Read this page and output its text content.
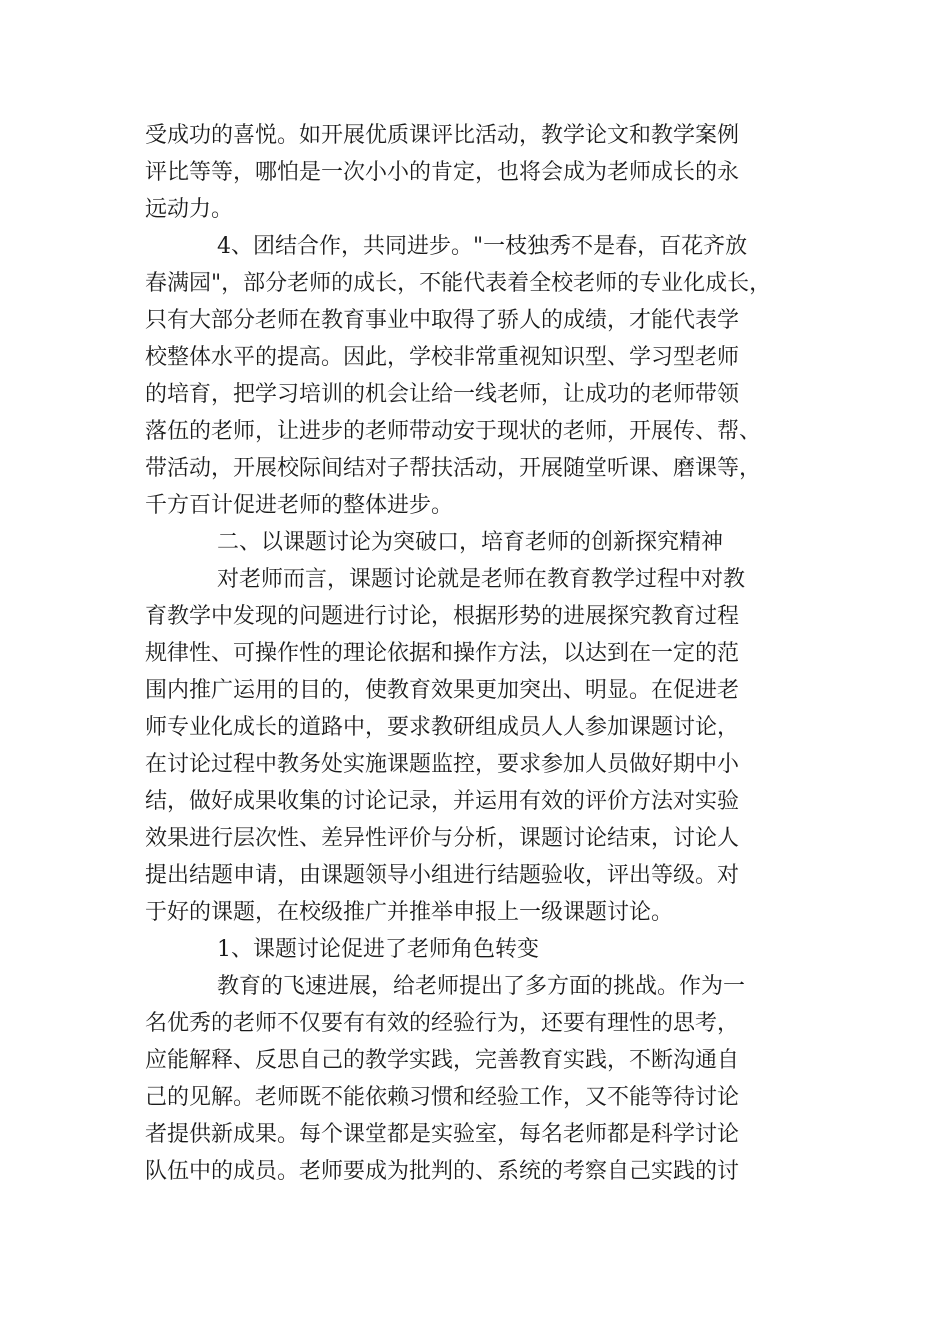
受成功的喜悦。如开展优质课评比活动，教学论文和教学案例
评比等等，哪怕是一次小小的肯定，也将会成为老师成长的永
远动力。
4、团结合作，共同进步。"一枝独秀不是春，百花齐放
春满园"，部分老师的成长，不能代表着全校老师的专业化成长，
只有大部分老师在教育事业中取得了骄人的成绩，才能代表学
校整体水平的提高。因此，学校非常重视知识型、学习型老师
的培育，把学习培训的机会让给一线老师，让成功的老师带领
落伍的老师，让进步的老师带动安于现状的老师，开展传、帮、
带活动，开展校际间结对子帮扶活动，开展随堂听课、磨课等，
千方百计促进老师的整体进步。
二、以课题讨论为突破口，培育老师的创新探究精神
对老师而言，课题讨论就是老师在教育教学过程中对教
育教学中发现的问题进行讨论，根据形势的进展探究教育过程
规律性、可操作性的理论依据和操作方法，以达到在一定的范
围内推广运用的目的，使教育效果更加突出、明显。在促进老
师专业化成长的道路中，要求教研组成员人人参加课题讨论，
在讨论过程中教务处实施课题监控，要求参加人员做好期中小
结，做好成果收集的讨论记录，并运用有效的评价方法对实验
效果进行层次性、差异性评价与分析，课题讨论结束，讨论人
提出结题申请，由课题领导小组进行结题验收，评出等级。对
于好的课题，在校级推广并推举申报上一级课题讨论。
1、课题讨论促进了老师角色转变
教育的飞速进展，给老师提出了多方面的挑战。作为一
名优秀的老师不仅要有有效的经验行为，还要有理性的思考，
应能解释、反思自己的教学实践，完善教育实践，不断沟通自
己的见解。老师既不能依赖习惯和经验工作，又不能等待讨论
者提供新成果。每个课堂都是实验室，每名老师都是科学讨论
队伍中的成员。老师要成为批判的、系统的考察自己实践的讨
